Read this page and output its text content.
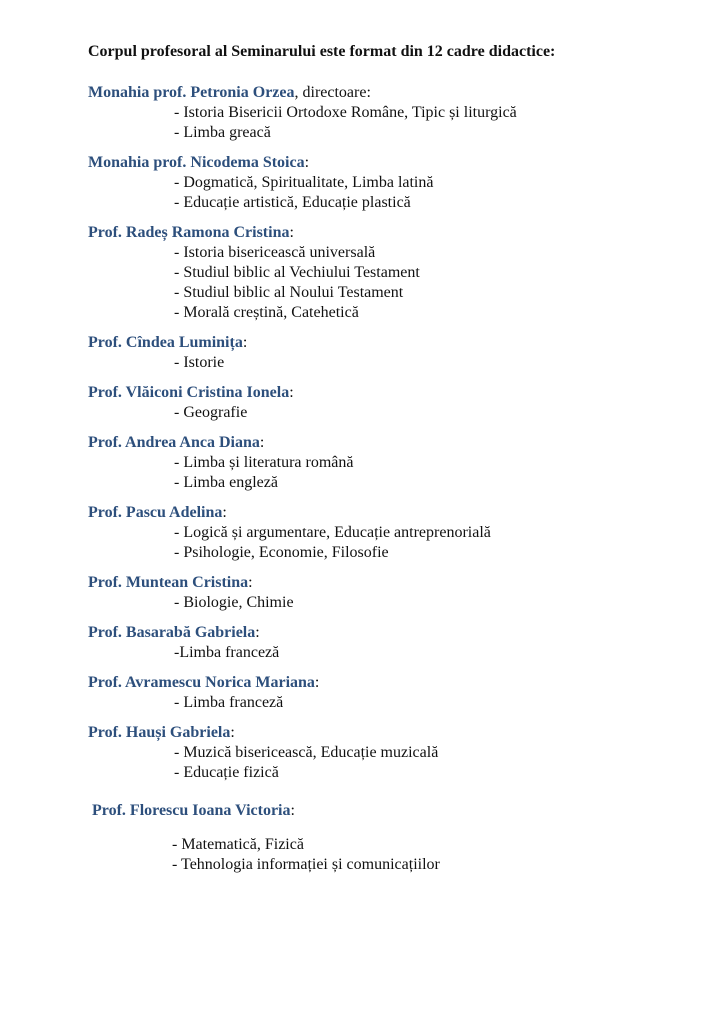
Corpul profesoral al Seminarului este format din 12 cadre didactice:
Monahia prof. Petronia Orzea, directoare:
- Istoria Bisericii Ortodoxe Române, Tipic și liturgică
- Limba greacă
Monahia prof. Nicodema Stoica:
- Dogmatică, Spiritualitate, Limba latină
- Educație artistică, Educație plastică
Prof. Radeș Ramona Cristina:
- Istoria bisericească universală
- Studiul biblic al Vechiului Testament
- Studiul biblic al Noului Testament
- Morală creștină, Catehetică
Prof. Cîndea Luminița:
- Istorie
Prof. Vlăiconi Cristina Ionela:
- Geografie
Prof. Andrea Anca Diana:
- Limba și literatura română
- Limba engleză
Prof. Pascu Adelina:
- Logică și argumentare, Educație antreprenorială
- Psihologie, Economie, Filosofie
Prof. Muntean Cristina:
- Biologie, Chimie
Prof. Basarabă Gabriela:
-Limba franceză
Prof. Avramescu Norica Mariana:
- Limba franceză
Prof. Hauși Gabriela:
- Muzică bisericească, Educație muzicală
- Educație fizică
Prof. Florescu Ioana Victoria:
- Matematică, Fizică
- Tehnologia informației și comunicațiilor
